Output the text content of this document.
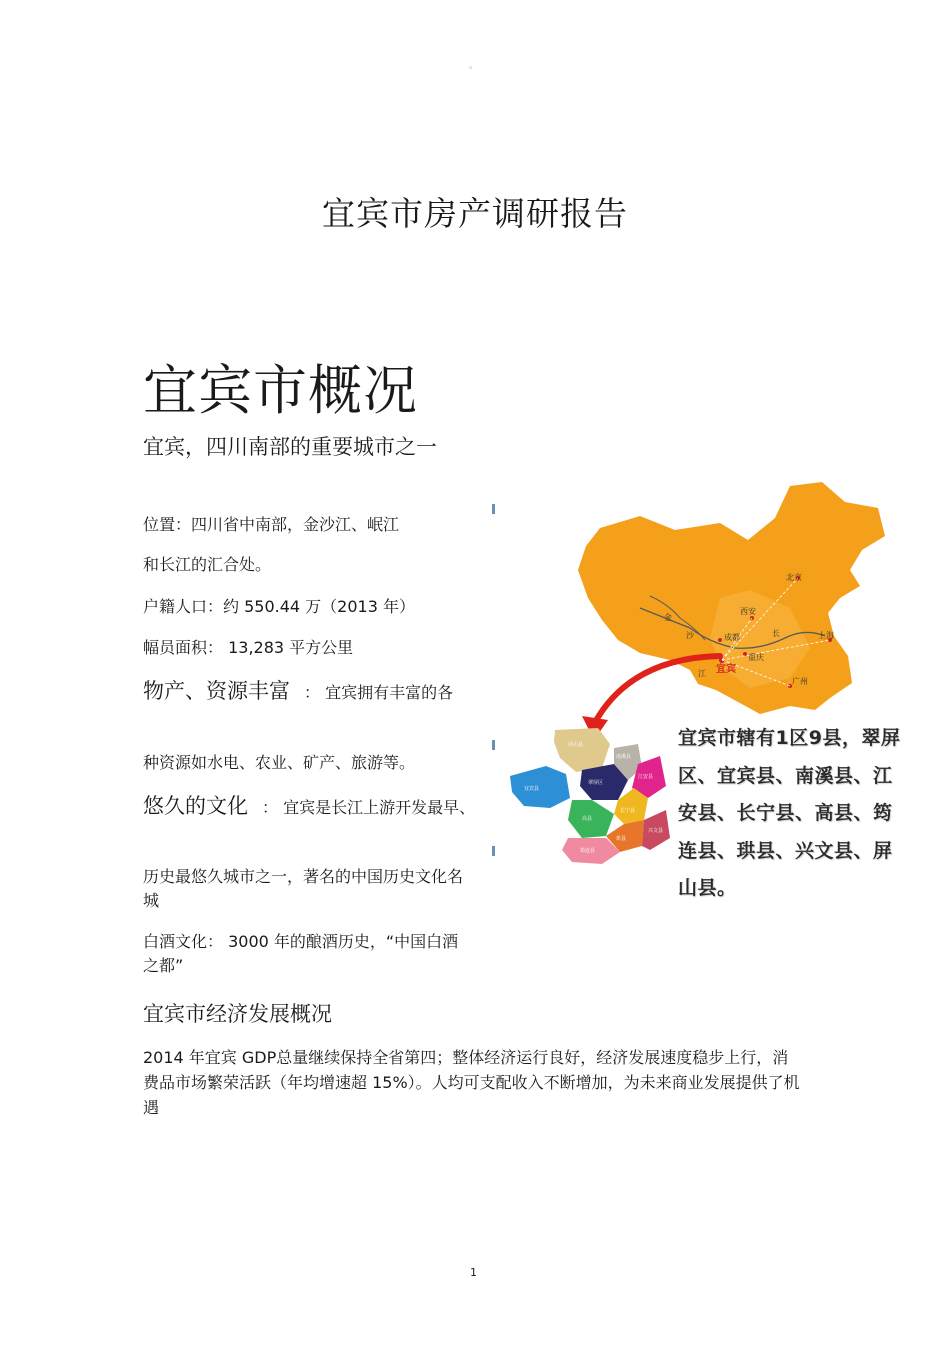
。
宜宾市房产调研报告
宜宾市概况
宜宾，四川南部的重要城市之一
位置：四川省中南部，金沙江、岷江
和长江的汇合处。
户籍人口：约 550.44 万（2013 年）
幅员面积： 13,283 平方公里
物产、资源丰富 ： 宜宾拥有丰富的各
种资源如水电、农业、矿产、旅游等。
悠久的文化 ： 宜宾是长江上游开发最早、
历史最悠久城市之一，著名的中国历史文化名城
白酒文化： 3000 年的酿酒历史，“中国白酒之都”
北京
西安
上海
成都
重庆
宜宾
广州
长
江
金
沙
屏山县
宜宾县
翠屏区
南溪县
江安县
长宁县
高县
珙县
兴文县
筠连县
宜宾市辖有1区9县，翠屏区、宜宾县、南溪县、江安县、长宁县、高县、筠连县、珙县、兴文县、屏山县。
宜宾市经济发展概况
2014 年宜宾 GDP总量继续保持全省第四；整体经济运行良好，经济发展速度稳步上行，消费品市场繁荣活跃（年均增速超 15%）。人均可支配收入不断增加，为未来商业发展提供了机遇
1
